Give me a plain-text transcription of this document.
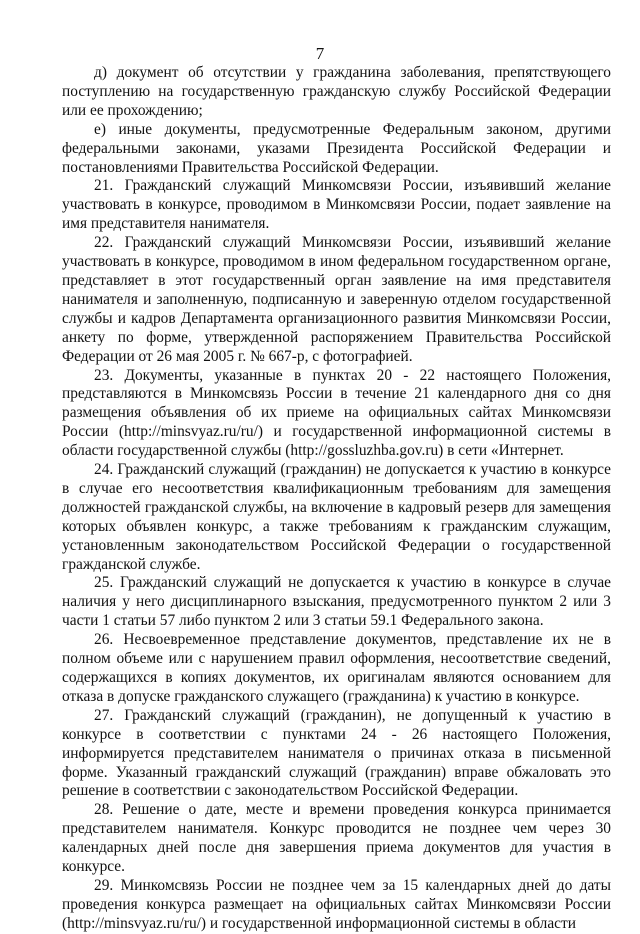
7

д) документ об отсутствии у гражданина заболевания, препятствующего поступлению на государственную гражданскую службу Российской Федерации или ее прохождению;

е) иные документы, предусмотренные Федеральным законом, другими федеральными законами, указами Президента Российской Федерации и постановлениями Правительства Российской Федерации.

21. Гражданский служащий Минкомсвязи России, изъявивший желание участвовать в конкурсе, проводимом в Минкомсвязи России, подает заявление на имя представителя нанимателя.

22. Гражданский служащий Минкомсвязи России, изъявивший желание участвовать в конкурсе, проводимом в ином федеральном государственном органе, представляет в этот государственный орган заявление на имя представителя нанимателя и заполненную, подписанную и заверенную отделом государственной службы и кадров Департамента организационного развития Минкомсвязи России, анкету по форме, утвержденной распоряжением Правительства Российской Федерации от 26 мая 2005 г. № 667-р, с фотографией.

23. Документы, указанные в пунктах 20 - 22 настоящего Положения, представляются в Минкомсвязь России в течение 21 календарного дня со дня размещения объявления об их приеме на официальных сайтах Минкомсвязи России (http://minsvyaz.ru/ru/) и государственной информационной системы в области государственной службы (http://gossluzhba.gov.ru) в сети «Интернет.

24. Гражданский служащий (гражданин) не допускается к участию в конкурсе в случае его несоответствия квалификационным требованиям для замещения должностей гражданской службы, на включение в кадровый резерв для замещения которых объявлен конкурс, а также требованиям к гражданским служащим, установленным законодательством Российской Федерации о государственной гражданской службе.

25. Гражданский служащий не допускается к участию в конкурсе в случае наличия у него дисциплинарного взыскания, предусмотренного пунктом 2 или 3 части 1 статьи 57 либо пунктом 2 или 3 статьи 59.1 Федерального закона.

26. Несвоевременное представление документов, представление их не в полном объеме или с нарушением правил оформления, несоответствие сведений, содержащихся в копиях документов, их оригиналам являются основанием для отказа в допуске гражданского служащего (гражданина) к участию в конкурсе.

27. Гражданский служащий (гражданин), не допущенный к участию в конкурсе в соответствии с пунктами 24 - 26 настоящего Положения, информируется представителем нанимателя о причинах отказа в письменной форме. Указанный гражданский служащий (гражданин) вправе обжаловать это решение в соответствии с законодательством Российской Федерации.

28. Решение о дате, месте и времени проведения конкурса принимается представителем нанимателя. Конкурс проводится не позднее чем через 30 календарных дней после дня завершения приема документов для участия в конкурсе.

29. Минкомсвязь России не позднее чем за 15 календарных дней до даты проведения конкурса размещает на официальных сайтах Минкомсвязи России (http://minsvyaz.ru/ru/) и государственной информационной системы в области
